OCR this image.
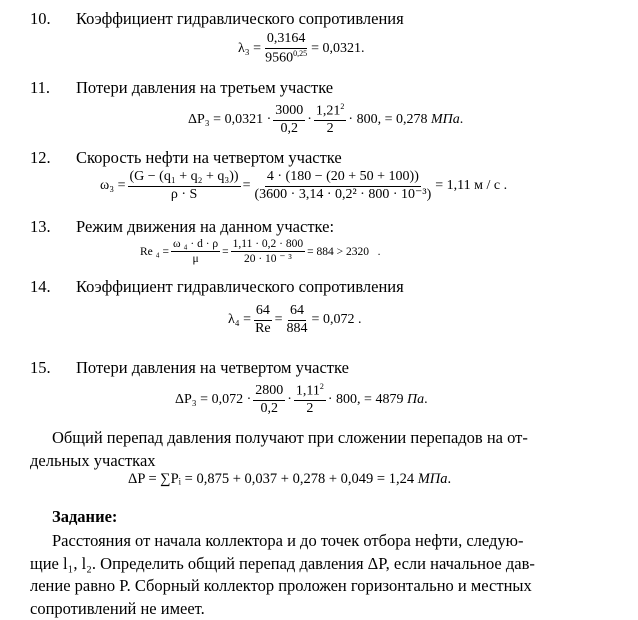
10. Коэффициент гидравлического сопротивления
$\lambda_3 = \frac{0,3164}{9560^{0,25}} = 0,0321$.
11. Потери давления на третьем участке
$\Delta P_3 = 0,0321 \cdot \frac{3000}{0,2} \cdot \frac{1,21^2}{2} \cdot 800$, = 0,278
МПа .
12. Скорость нефти на четвертом участке
$\omega_3 = \frac{\text{(G − (q₁ + q₂ + q₃))}}{\rho \cdot S} = \frac{4 \cdot (180 - (20 + 50 + 100))}{\text{(3600 · 3,14 · 0,2² · 800 · 10⁻³)}} = 1,11$ м / с .
13. Режим движения на данном участке:
Re $_4 = \frac{\text{ω ₄ · d · ρ}}{\mu} = \frac{1,11 \cdot 0,2 \cdot 800}{\text{20 · 10 ⁻ ³}} = 884 > 2320$
.
14. Коэффициент гидравлического сопротивления
$\lambda_4 = \frac{64}{Re} = \frac{64}{884} = 0,072$ .
15. Потери давления на четвертом участке
$\Delta P_3 = 0,072 \cdot \frac{2800}{0,2} \cdot \frac{1,11^2}{2} \cdot 800$, = 4879
Па .
Общий перепад давления получают при сложении перепадов на от-
дельных участках
ΔP = ∑Pᵢ = 0,875 + 0,037 + 0,278 + 0,049 = 1,24
МПа .
Задание:
Расстояния от начала коллектора и до точек отбора нефти, следую-
щие l₁, l₂. Определить общий перепад давления ΔP, если начальное дав-
ление равно P. Сборный коллектор проложен горизонтально и местных
сопротивлений не имеет.
